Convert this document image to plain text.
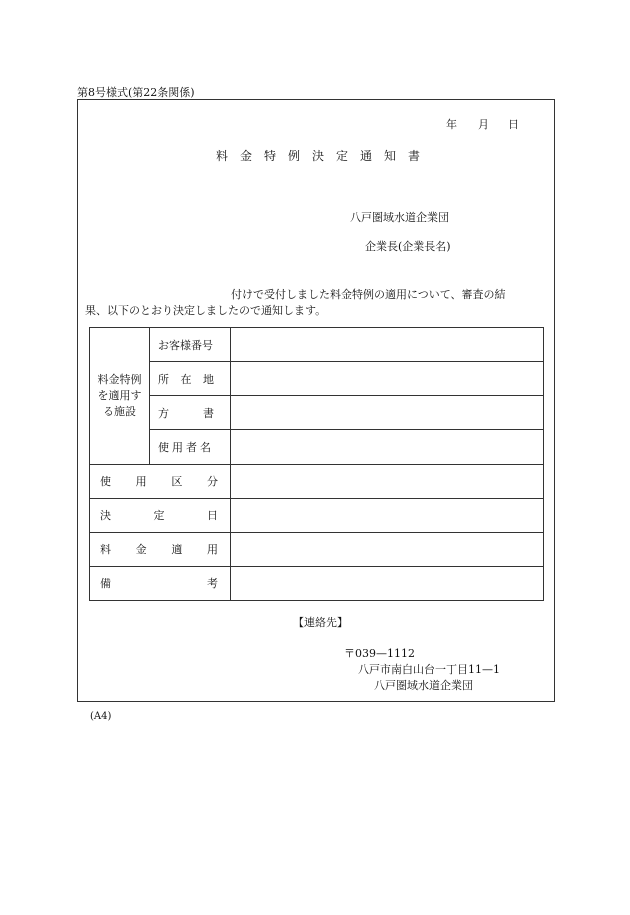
第8号様式(第22条関係)
年 月 日
料金特例決定通知書
八戸圏域水道企業団
企業長(企業長名)
付けで受付しました料金特例の適用について、審査の結
果、以下のとおり決定しましたので通知します。
料金特例
を適用す
る施設	お客様番号	

	所 在 地	

	方 書	

	使用者名	

使 用 区 分		

決 定 日		

料 金 適 用		

備 考		

【連絡先】
〒039—1112
八戸市南白山台一丁目11—1
八戸圏域水道企業団
(A4)
